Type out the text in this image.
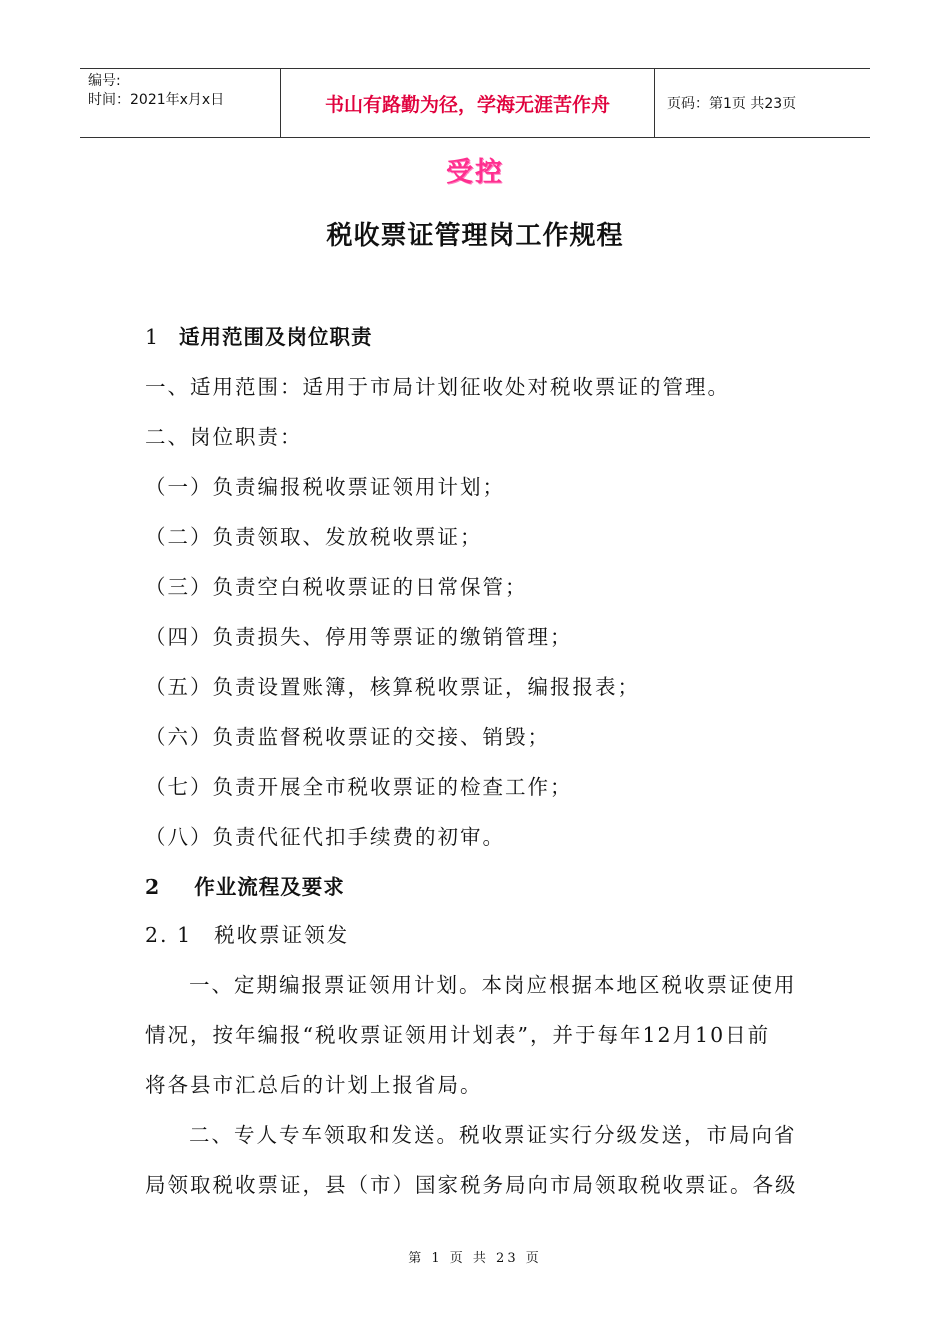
编号:
时间：2021年x月x日	书山有路勤为径，学海无涯苦作舟	页码：第1页 共23页
受控
税收票证管理岗工作规程
1 适用范围及岗位职责
一、适用范围：适用于市局计划征收处对税收票证的管理。
二、岗位职责：
（一）负责编报税收票证领用计划；
（二）负责领取、发放税收票证；
（三）负责空白税收票证的日常保管；
（四）负责损失、停用等票证的缴销管理；
（五）负责设置账簿，核算税收票证，编报报表；
（六）负责监督税收票证的交接、销毁；
（七）负责开展全市税收票证的检查工作；
（八）负责代征代扣手续费的初审。
2 作业流程及要求
2. 1 税收票证领发
一、定期编报票证领用计划。本岗应根据本地区税收票证使用
情况，按年编报“税收票证领用计划表”，并于每年12月10日前
将各县市汇总后的计划上报省局。
二、专人专车领取和发送。税收票证实行分级发送，市局向省
局领取税收票证，县（市）国家税务局向市局领取税收票证。各级
第 1 页 共 23 页
